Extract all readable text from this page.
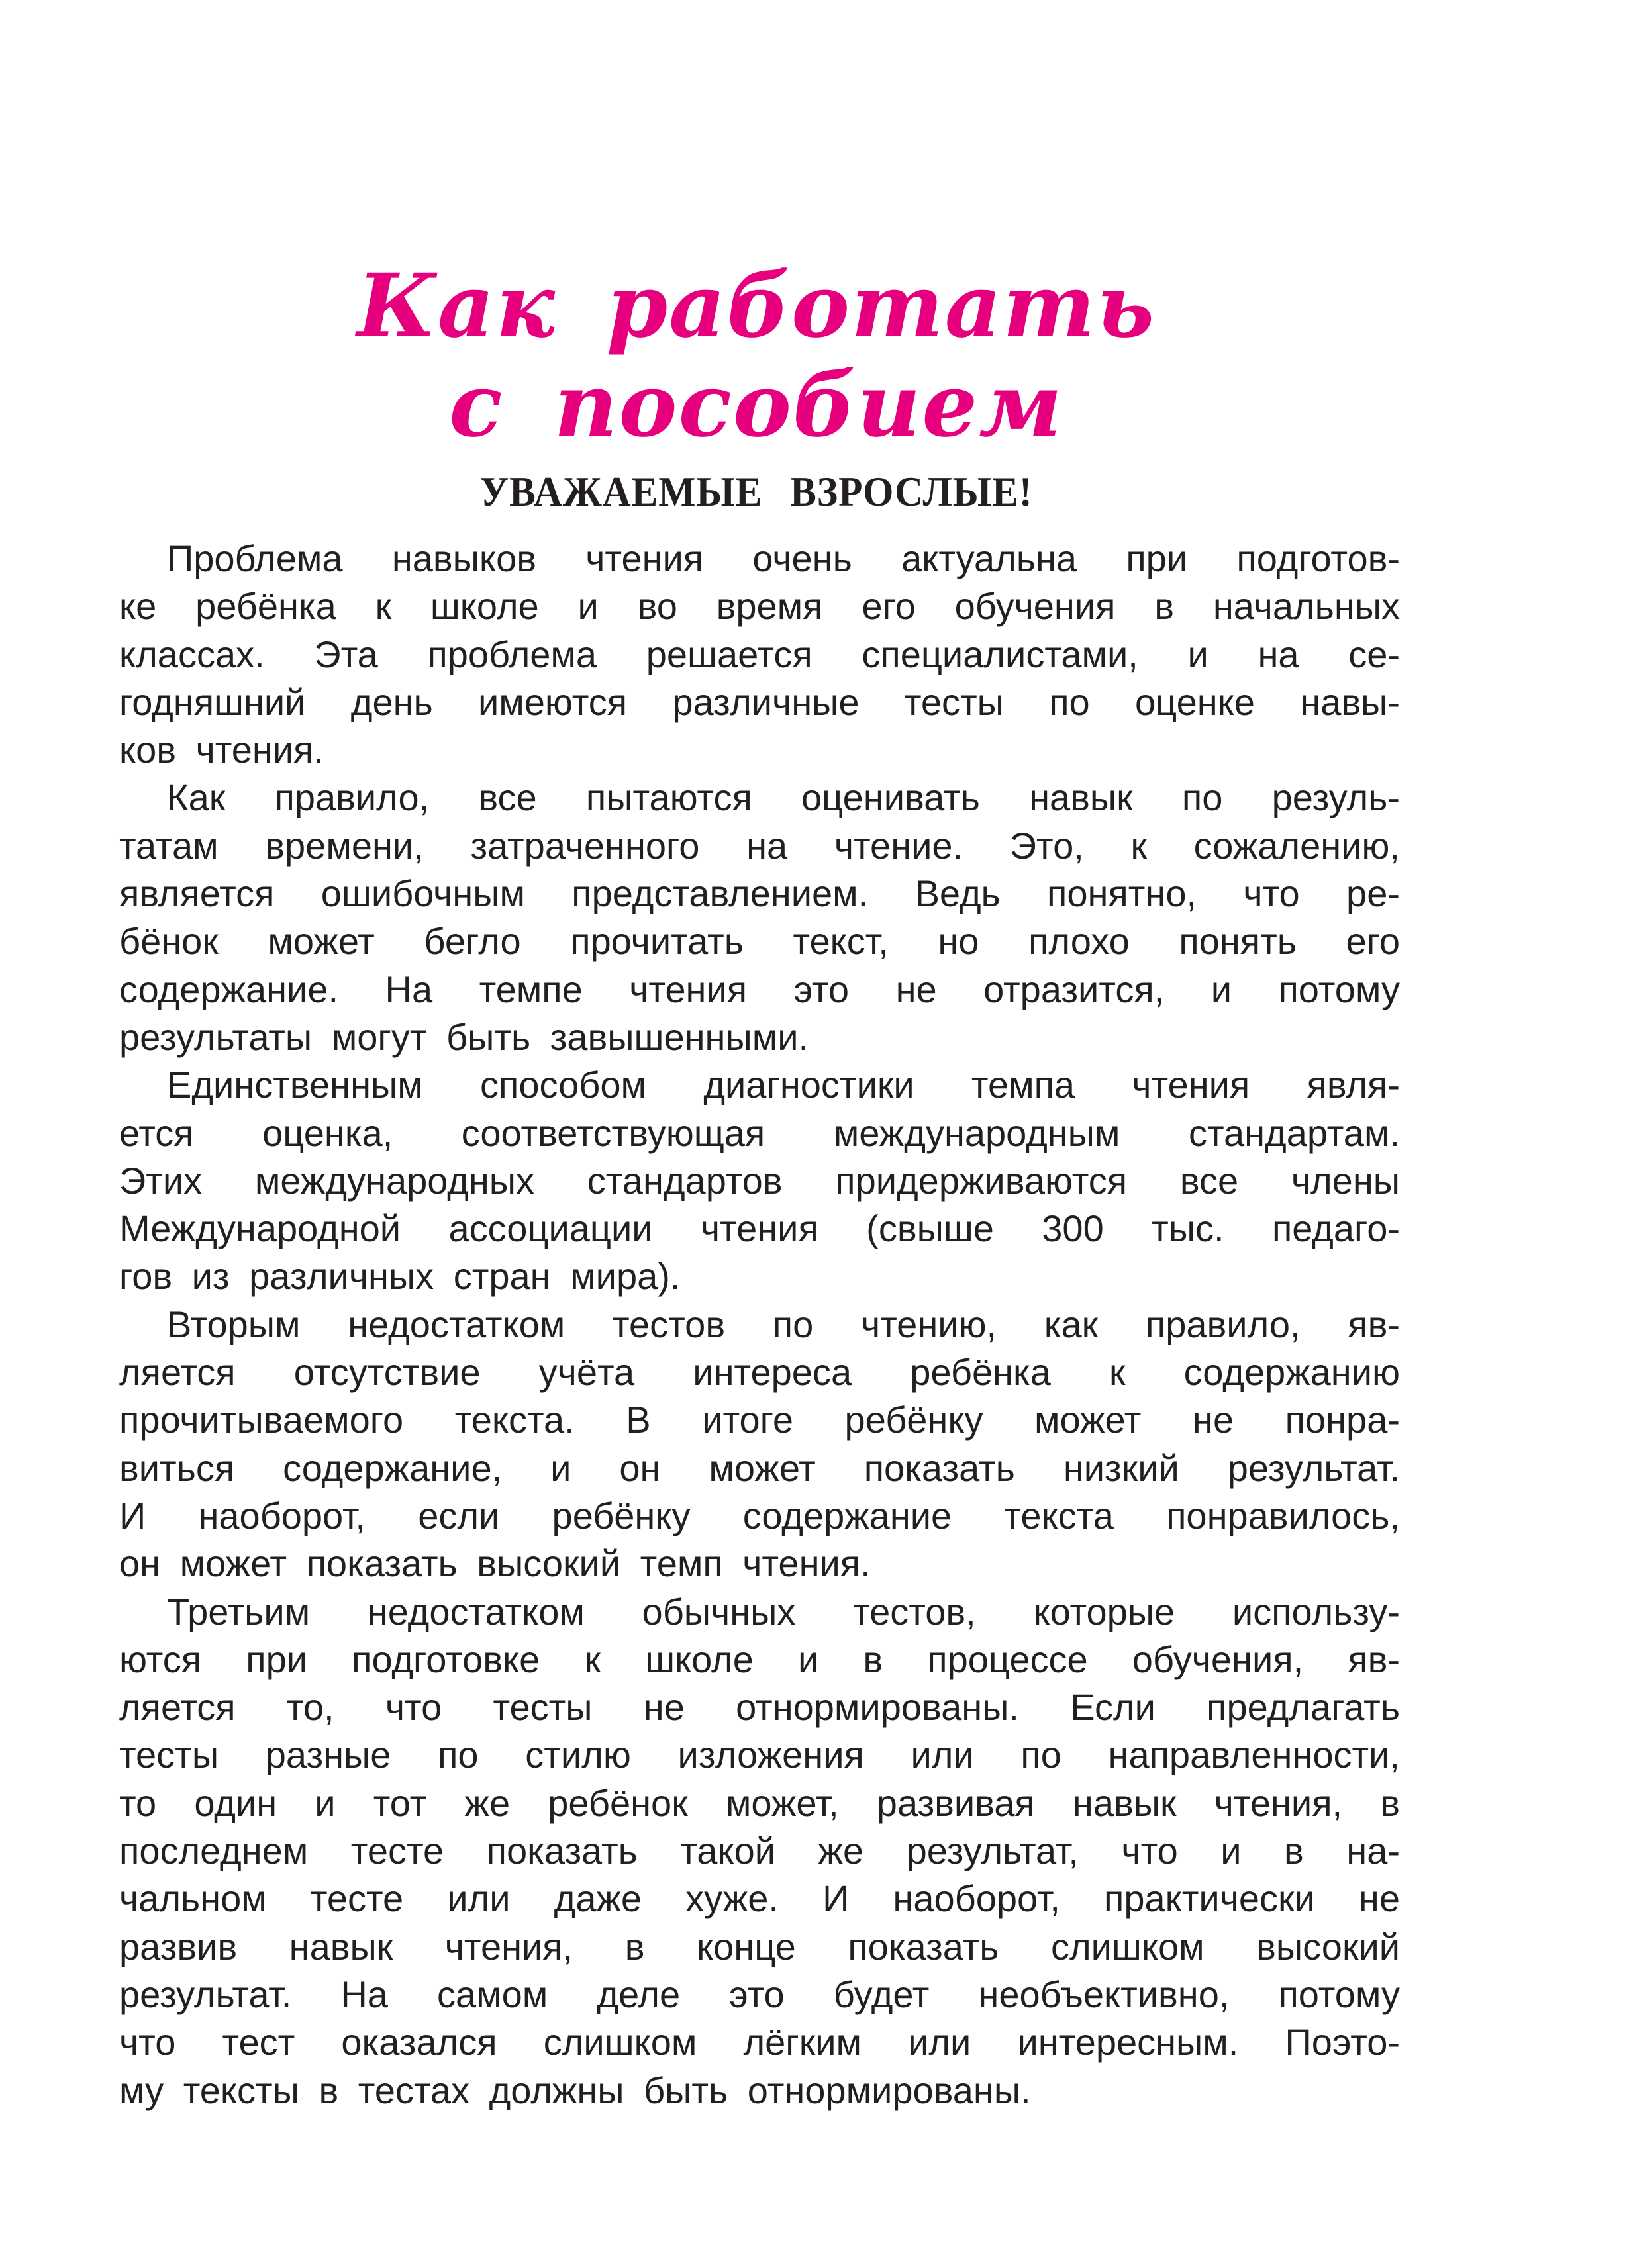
Как работать
с пособием
УВАЖАЕМЫЕ ВЗРОСЛЫЕ!
Проблема навыков чтения очень актуальна при подготов-
ке ребёнка к школе и во время его обучения в начальных
классах. Эта проблема решается специалистами, и на се-
годняшний день имеются различные тесты по оценке навы-
ков чтения.
Как правило, все пытаются оценивать навык по резуль-
татам времени, затраченного на чтение. Это, к сожалению,
является ошибочным представлением. Ведь понятно, что ре-
бёнок может бегло прочитать текст, но плохо понять его
содержание. На темпе чтения это не отразится, и потому
результаты могут быть завышенными.
Единственным способом диагностики темпа чтения явля-
ется оценка, соответствующая международным стандартам.
Этих международных стандартов придерживаются все члены
Международной ассоциации чтения (свыше 300 тыс. педаго-
гов из различных стран мира).
Вторым недостатком тестов по чтению, как правило, яв-
ляется отсутствие учёта интереса ребёнка к содержанию
прочитываемого текста. В итоге ребёнку может не понра-
виться содержание, и он может показать низкий результат.
И наоборот, если ребёнку содержание текста понравилось,
он может показать высокий темп чтения.
Третьим недостатком обычных тестов, которые использу-
ются при подготовке к школе и в процессе обучения, яв-
ляется то, что тесты не отнормированы. Если предлагать
тесты разные по стилю изложения или по направленности,
то один и тот же ребёнок может, развивая навык чтения, в
последнем тесте показать такой же результат, что и в на-
чальном тесте или даже хуже. И наоборот, практически не
развив навык чтения, в конце показать слишком высокий
результат. На самом деле это будет необъективно, потому
что тест оказался слишком лёгким или интересным. Поэто-
му тексты в тестах должны быть отнормированы.
